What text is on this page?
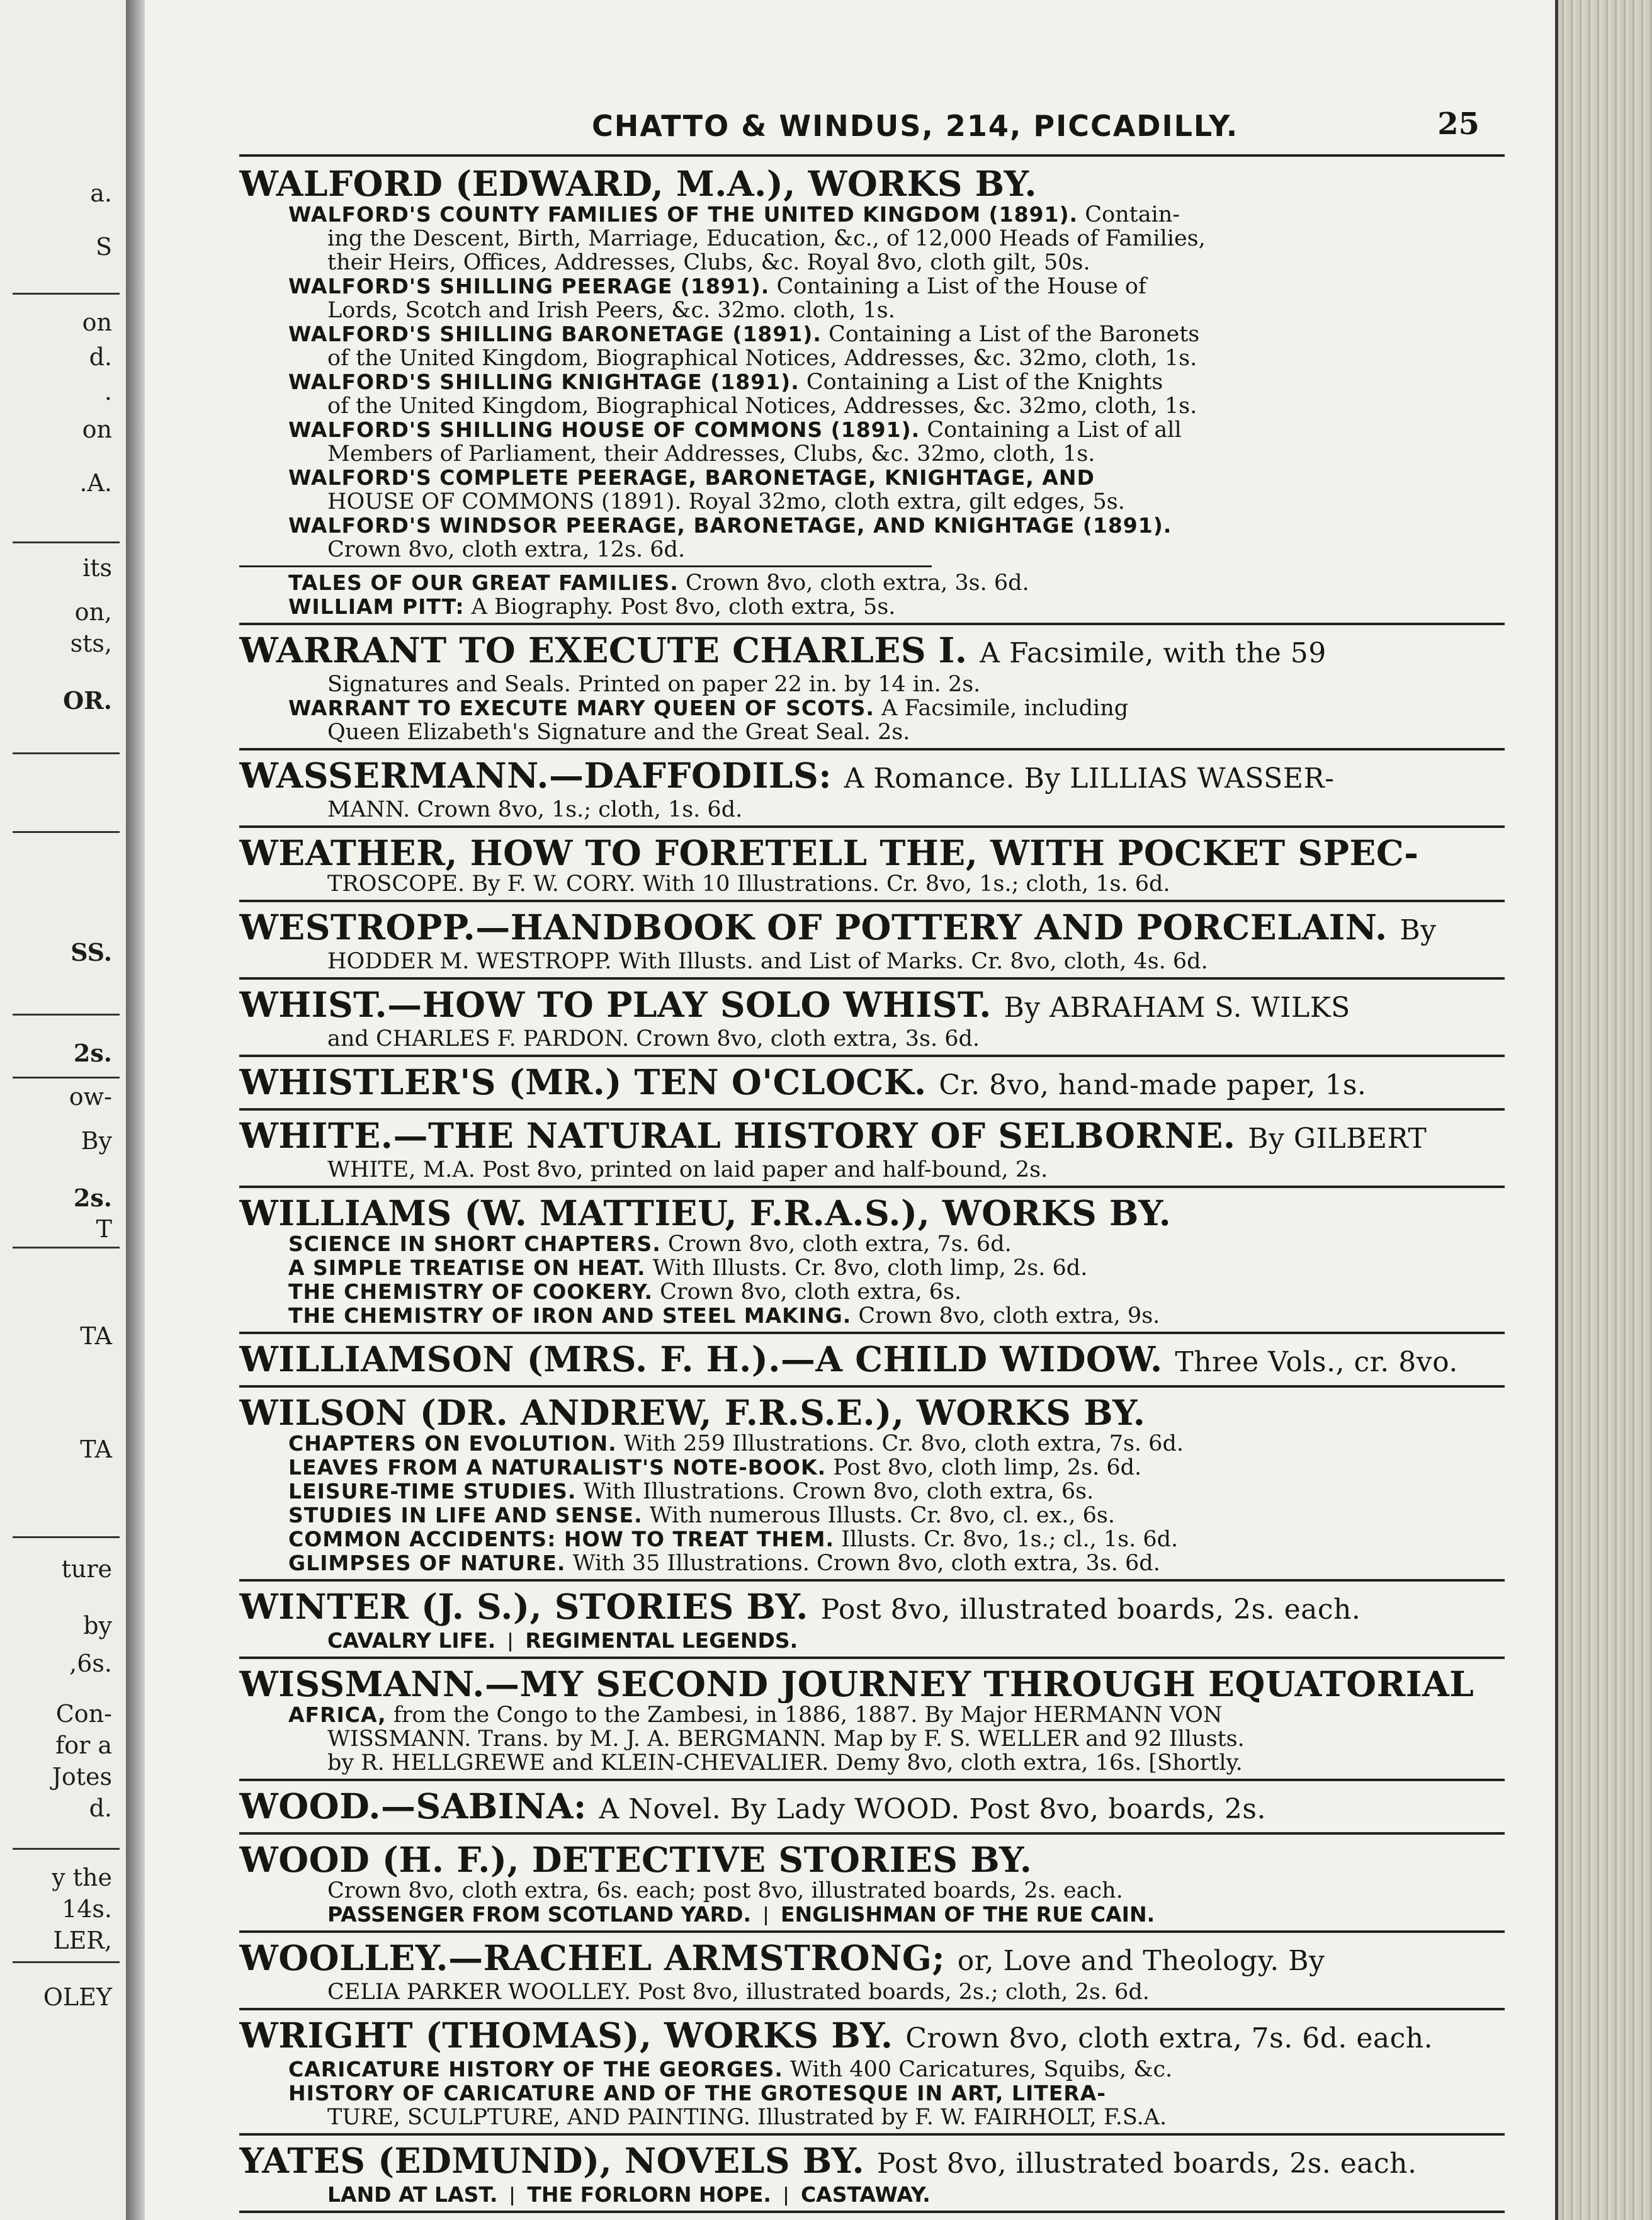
a.
S
on
d.
.
on
.A.
its
on,
sts,
OR.
SS.
2s.
ow-
By
2s.
T
TA
TA
ture
by
,6s.
Con-
for a
Jotes
d.
y the
14s.
LER,
OLEY
CHATTO & WINDUS, 214, PICCADILLY.	25
WALFORD (EDWARD, M.A.), WORKS BY.
WALFORD'S COUNTY FAMILIES OF THE UNITED KINGDOM (1891). Contain-
ing the Descent, Birth, Marriage, Education, &c., of 12,000 Heads of Families,
their Heirs, Offices, Addresses, Clubs, &c. Royal 8vo, cloth gilt, 50s.
WALFORD'S SHILLING PEERAGE (1891). Containing a List of the House of
Lords, Scotch and Irish Peers, &c. 32mo. cloth, 1s.
WALFORD'S SHILLING BARONETAGE (1891). Containing a List of the Baronets
of the United Kingdom, Biographical Notices, Addresses, &c. 32mo, cloth, 1s.
WALFORD'S SHILLING KNIGHTAGE (1891). Containing a List of the Knights
of the United Kingdom, Biographical Notices, Addresses, &c. 32mo, cloth, 1s.
WALFORD'S SHILLING HOUSE OF COMMONS (1891). Containing a List of all
Members of Parliament, their Addresses, Clubs, &c. 32mo, cloth, 1s.
WALFORD'S COMPLETE PEERAGE, BARONETAGE, KNIGHTAGE, AND
HOUSE OF COMMONS (1891). Royal 32mo, cloth extra, gilt edges, 5s.
WALFORD'S WINDSOR PEERAGE, BARONETAGE, AND KNIGHTAGE (1891).
Crown 8vo, cloth extra, 12s. 6d.
TALES OF OUR GREAT FAMILIES. Crown 8vo, cloth extra, 3s. 6d.
WILLIAM PITT: A Biography. Post 8vo, cloth extra, 5s.
WARRANT TO EXECUTE CHARLES I. A Facsimile, with the 59
Signatures and Seals. Printed on paper 22 in. by 14 in. 2s.
WARRANT TO EXECUTE MARY QUEEN OF SCOTS. A Facsimile, including
Queen Elizabeth's Signature and the Great Seal. 2s.
WASSERMANN.—DAFFODILS: A Romance. By LILLIAS WASSER-
MANN. Crown 8vo, 1s.; cloth, 1s. 6d.
WEATHER, HOW TO FORETELL THE, WITH POCKET SPEC-
TROSCOPE. By F. W. CORY. With 10 Illustrations. Cr. 8vo, 1s.; cloth, 1s. 6d.
WESTROPP.—HANDBOOK OF POTTERY AND PORCELAIN. By
HODDER M. WESTROPP. With Illusts. and List of Marks. Cr. 8vo, cloth, 4s. 6d.
WHIST.—HOW TO PLAY SOLO WHIST. By ABRAHAM S. WILKS
and CHARLES F. PARDON. Crown 8vo, cloth extra, 3s. 6d.
WHISTLER'S (MR.) TEN O'CLOCK. Cr. 8vo, hand-made paper, 1s.
WHITE.—THE NATURAL HISTORY OF SELBORNE. By GILBERT
WHITE, M.A. Post 8vo, printed on laid paper and half-bound, 2s.
WILLIAMS (W. MATTIEU, F.R.A.S.), WORKS BY.
SCIENCE IN SHORT CHAPTERS. Crown 8vo, cloth extra, 7s. 6d.
A SIMPLE TREATISE ON HEAT. With Illusts. Cr. 8vo, cloth limp, 2s. 6d.
THE CHEMISTRY OF COOKERY. Crown 8vo, cloth extra, 6s.
THE CHEMISTRY OF IRON AND STEEL MAKING. Crown 8vo, cloth extra, 9s.
WILLIAMSON (MRS. F. H.).—A CHILD WIDOW. Three Vols., cr. 8vo.
WILSON (DR. ANDREW, F.R.S.E.), WORKS BY.
CHAPTERS ON EVOLUTION. With 259 Illustrations. Cr. 8vo, cloth extra, 7s. 6d.
LEAVES FROM A NATURALIST'S NOTE-BOOK. Post 8vo, cloth limp, 2s. 6d.
LEISURE-TIME STUDIES. With Illustrations. Crown 8vo, cloth extra, 6s.
STUDIES IN LIFE AND SENSE. With numerous Illusts. Cr. 8vo, cl. ex., 6s.
COMMON ACCIDENTS: HOW TO TREAT THEM. Illusts. Cr. 8vo, 1s.; cl., 1s. 6d.
GLIMPSES OF NATURE. With 35 Illustrations. Crown 8vo, cloth extra, 3s. 6d.
WINTER (J. S.), STORIES BY. Post 8vo, illustrated boards, 2s. each.
CAVALRY LIFE. REGIMENTAL LEGENDS.
WISSMANN.—MY SECOND JOURNEY THROUGH EQUATORIAL
AFRICA, from the Congo to the Zambesi, in 1886, 1887. By Major HERMANN VON
WISSMANN. Trans. by M. J. A. BERGMANN. Map by F. S. WELLER and 92 Illusts.
by R. HELLGREWE and KLEIN-CHEVALIER. Demy 8vo, cloth extra, 16s. [Shortly.
WOOD.—SABINA: A Novel. By Lady WOOD. Post 8vo, boards, 2s.
WOOD (H. F.), DETECTIVE STORIES BY.
Crown 8vo, cloth extra, 6s. each; post 8vo, illustrated boards, 2s. each.
PASSENGER FROM SCOTLAND YARD. ENGLISHMAN OF THE RUE CAIN.
WOOLLEY.—RACHEL ARMSTRONG; or, Love and Theology. By
CELIA PARKER WOOLLEY. Post 8vo, illustrated boards, 2s.; cloth, 2s. 6d.
WRIGHT (THOMAS), WORKS BY. Crown 8vo, cloth extra, 7s. 6d. each.
CARICATURE HISTORY OF THE GEORGES. With 400 Caricatures, Squibs, &c.
HISTORY OF CARICATURE AND OF THE GROTESQUE IN ART, LITERA-
TURE, SCULPTURE, AND PAINTING. Illustrated by F. W. FAIRHOLT, F.S.A.
YATES (EDMUND), NOVELS BY. Post 8vo, illustrated boards, 2s. each.
LAND AT LAST. THE FORLORN HOPE. CASTAWAY.
